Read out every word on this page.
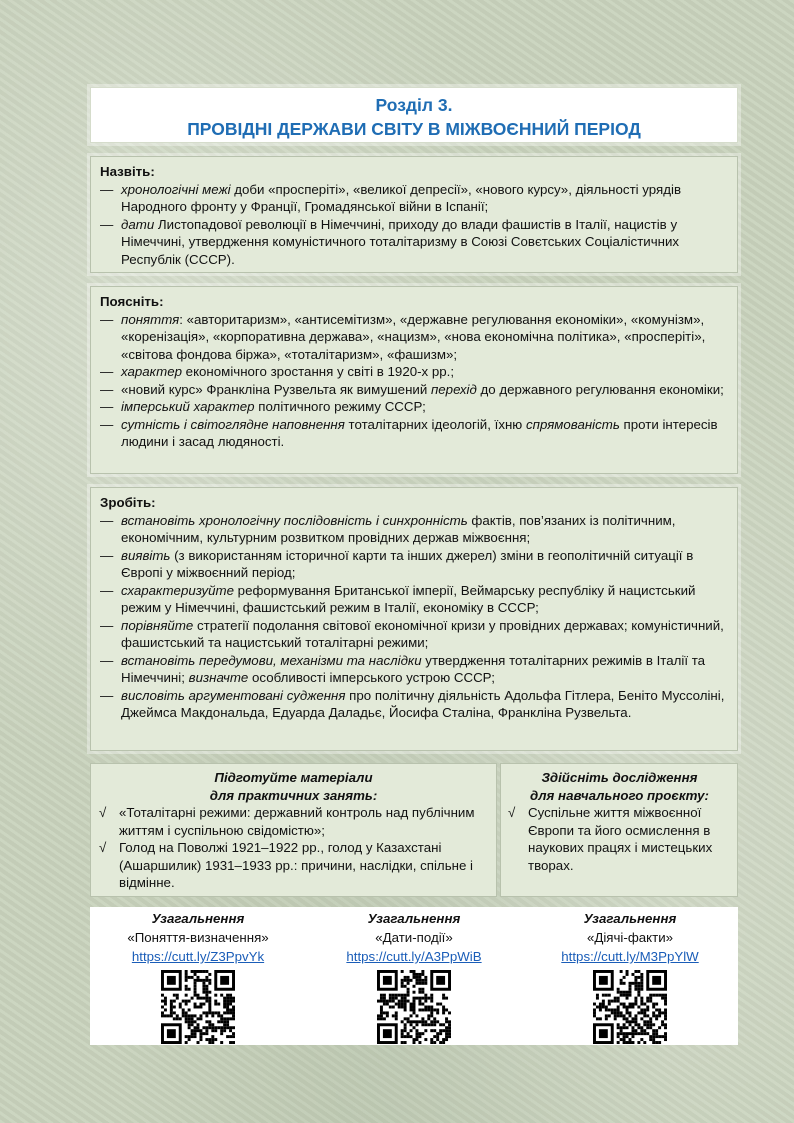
Розділ 3.
ПРОВІДНІ ДЕРЖАВИ СВІТУ В МІЖВОЄННИЙ ПЕРІОД
Назвіть:
— хронологічні межі доби «просперіті», «великої депресії», «нового курсу», діяльності урядів Народного фронту у Франції, Громадянської війни в Іспанії;
— дати Листопадової революції в Німеччині, приходу до влади фашистів в Італії, нацистів у Німеччині, утвердження комуністичного тоталітаризму в Союзі Совєтських Соціалістичних Республік (СССР).
Поясніть:
— поняття: «авторитаризм», «антисемітизм», «державне регулювання економіки», «комунізм», «коренізація», «корпоративна держава», «нацизм», «нова економічна політика», «просперіті», «світова фондова біржа», «тоталітаризм», «фашизм»;
— характер економічного зростання у світі в 1920-х рр.;
— «новий курс» Франкліна Рузвельта як вимушений перехід до державного регулювання економіки;
— імперський характер політичного режиму СССР;
— сутність і світоглядне наповнення тоталітарних ідеологій, їхню спрямованість проти інтересів людини і засад людяності.
Зробіть:
— встановіть хронологічну послідовність і синхронність фактів, пов’язаних із політичним, економічним, культурним розвитком провідних держав міжвоєння;
— виявіть (з використанням історичної карти та інших джерел) зміни в геополітичній ситуації в Європі у міжвоєнний період;
— схарактеризуйте реформування Британської імперії, Веймарську республіку й нацистський режим у Німеччині, фашистський режим в Італії, економіку в СССР;
— порівняйте стратегії подолання світової економічної кризи у провідних державах; комуністичний, фашистський та нацистський тоталітарні режими;
— встановіть передумови, механізми та наслідки утвердження тоталітарних режимів в Італії та Німеччині; визначте особливості імперського устрою СССР;
— висловіть аргументовані судження про політичну діяльність Адольфа Гітлера, Беніто Муссоліні, Джеймса Макдональда, Едуарда Даладьє, Йосифа Сталіна, Франкліна Рузвельта.
Підготуйте матеріали
для практичних занять:
√ «Тоталітарні режими: державний контроль над публічним життям і суспільною свідомістю»;
√ Голод на Поволжі 1921–1922 рр., голод у Казахстані (Ашаршилик) 1931–1933 рр.: причини, наслідки, спільне і відмінне.
Здійсніть дослідження
для навчального проєкту:
√ Суспільне життя міжвоєнної Європи та його осмислення в наукових працях і мистецьких творах.
Узагальнення
«Поняття-визначення»
https://cutt.ly/Z3PpvYk
Узагальнення
«Дати-події»
https://cutt.ly/A3PpWiB
Узагальнення
«Діячі-факти»
https://cutt.ly/M3PpYlW
